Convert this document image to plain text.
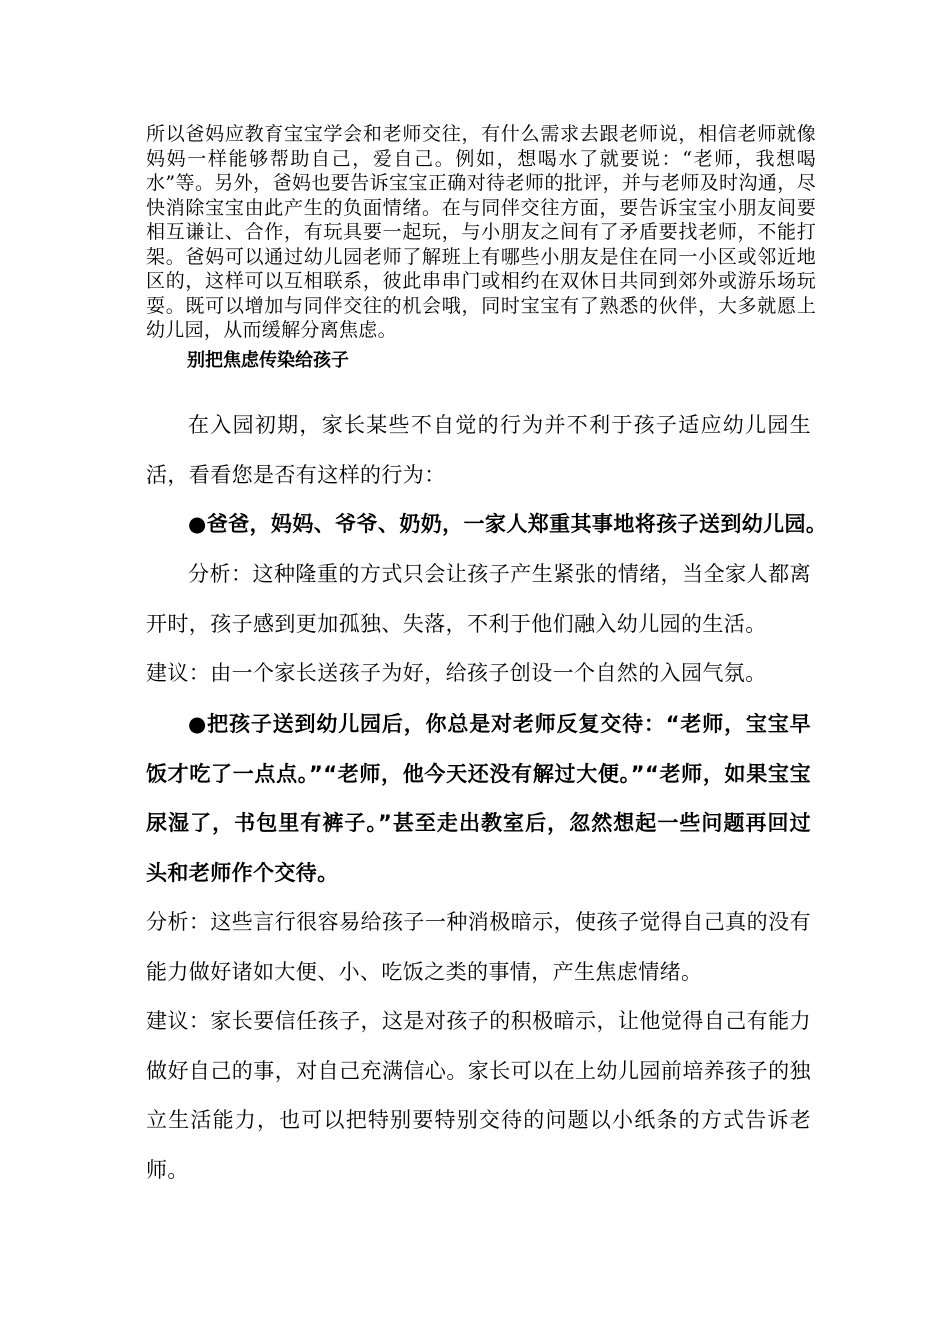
所以爸妈应教育宝宝学会和老师交往，有什么需求去跟老师说，相信老师就像妈妈一样能够帮助自己，爱自己。例如，想喝水了就要说：“老师，我想喝水”等。另外，爸妈也要告诉宝宝正确对待老师的批评，并与老师及时沟通，尽快消除宝宝由此产生的负面情绪。在与同伴交往方面，要告诉宝宝小朋友间要相互谦让、合作，有玩具要一起玩，与小朋友之间有了矛盾要找老师，不能打架。爸妈可以通过幼儿园老师了解班上有哪些小朋友是住在同一小区或邻近地区的，这样可以互相联系，彼此串串门或相约在双休日共同到郊外或游乐场玩耍。既可以增加与同伴交往的机会哦，同时宝宝有了熟悉的伙伴，大多就愿上幼儿园，从而缓解分离焦虑。

别把焦虑传染给孩子

在入园初期，家长某些不自觉的行为并不利于孩子适应幼儿园生活，看看您是否有这样的行为：

●爸爸，妈妈、爷爷、奶奶，一家人郑重其事地将孩子送到幼儿园。

分析：这种隆重的方式只会让孩子产生紧张的情绪，当全家人都离开时，孩子感到更加孤独、失落，不利于他们融入幼儿园的生活。

建议：由一个家长送孩子为好，给孩子创设一个自然的入园气氛。

●把孩子送到幼儿园后，你总是对老师反复交待：“老师，宝宝早饭才吃了一点点。”“老师，他今天还没有解过大便。”“老师，如果宝宝尿湿了，书包里有裤子。”甚至走出教室后，忽然想起一些问题再回过头和老师作个交待。

分析：这些言行很容易给孩子一种消极暗示，使孩子觉得自己真的没有能力做好诸如大便、小、吃饭之类的事情，产生焦虑情绪。

建议：家长要信任孩子，这是对孩子的积极暗示，让他觉得自己有能力做好自己的事，对自己充满信心。家长可以在上幼儿园前培养孩子的独立生活能力，也可以把特别要特别交待的问题以小纸条的方式告诉老师。
